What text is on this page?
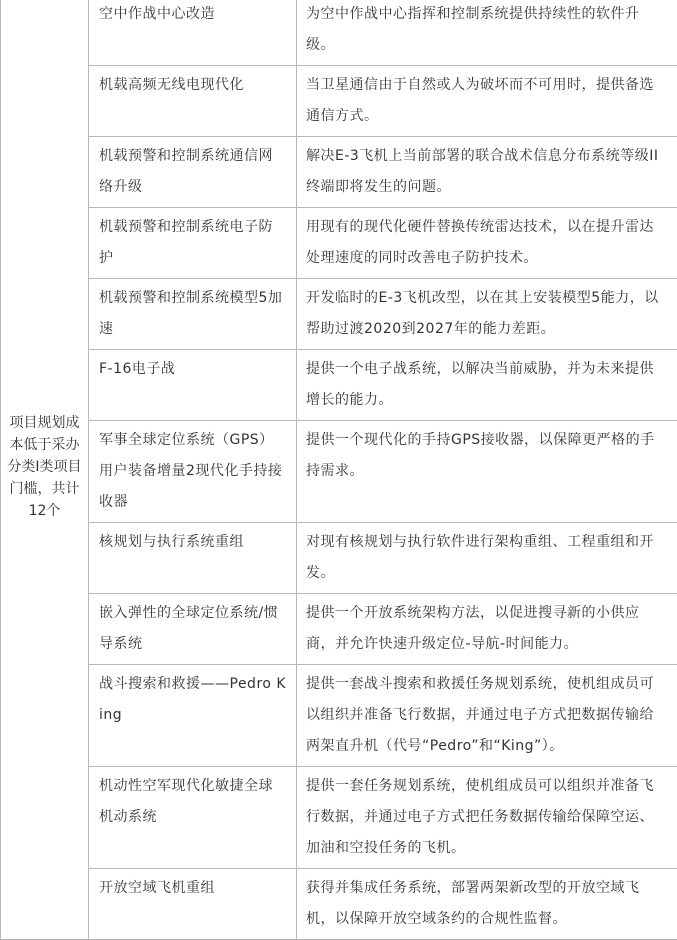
项目规划成本低于采办分类Ⅰ类项目门槛，共计12个	空中作战中心改造	为空中作战中心指挥和控制系统提供持续性的软件升级。
	机载高频无线电现代化	当卫星通信由于自然或人为破坏而不可用时，提供备选通信方式。
	机载预警和控制系统通信网络升级	解决E-3飞机上当前部署的联合战术信息分布系统等级II终端即将发生的问题。
	机载预警和控制系统电子防护	用现有的现代化硬件替换传统雷达技术，以在提升雷达处理速度的同时改善电子防护技术。
	机载预警和控制系统模型5加速	开发临时的E-3飞机改型，以在其上安装模型5能力，以帮助过渡2020到2027年的能力差距。
	F-16电子战	提供一个电子战系统，以解决当前威胁，并为未来提供增长的能力。
	军事全球定位系统（GPS）用户装备增量2现代化手持接收器	提供一个现代化的手持GPS接收器，以保障更严格的手持需求。
	核规划与执行系统重组	对现有核规划与执行软件进行架构重组、工程重组和开发。
	嵌入弹性的全球定位系统/惯导系统	提供一个开放系统架构方法，以促进搜寻新的小供应商，并允许快速升级定位-导航-时间能力。
	战斗搜索和救援——Pedro King	提供一套战斗搜索和救援任务规划系统，使机组成员可以组织并准备飞行数据，并通过电子方式把数据传输给两架直升机（代号“Pedro”和“King”）。
	机动性空军现代化敏捷全球机动系统	提供一套任务规划系统，使机组成员可以组织并准备飞行数据，并通过电子方式把任务数据传输给保障空运、加油和空投任务的飞机。
	开放空域飞机重组	获得并集成任务系统，部署两架新改型的开放空域飞机，以保障开放空域条约的合规性监督。
